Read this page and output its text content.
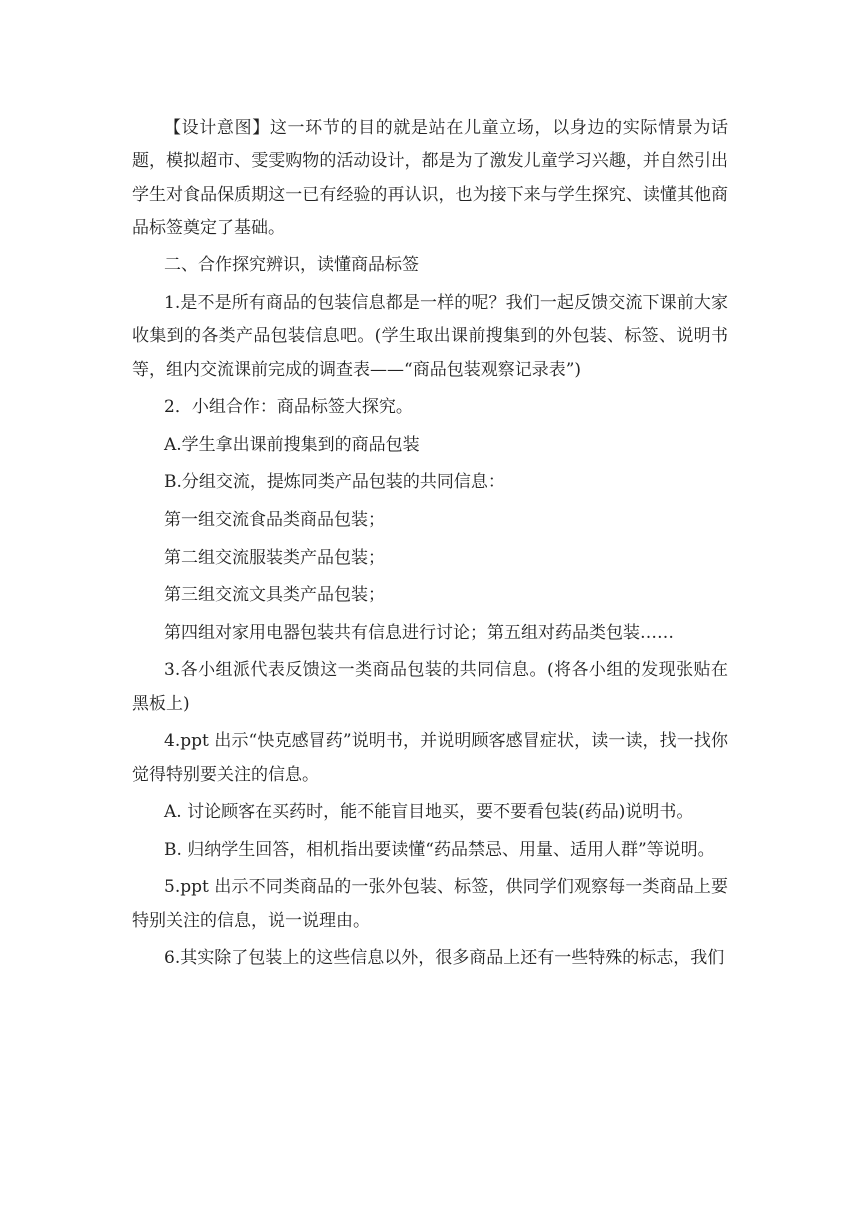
【设计意图】这一环节的目的就是站在儿童立场，以身边的实际情景为话题，模拟超市、雯雯购物的活动设计，都是为了激发儿童学习兴趣，并自然引出学生对食品保质期这一已有经验的再认识，也为接下来与学生探究、读懂其他商品标签奠定了基础。

二、合作探究辨识，读懂商品标签

1.是不是所有商品的包装信息都是一样的呢？我们一起反馈交流下课前大家收集到的各类产品包装信息吧。(学生取出课前搜集到的外包装、标签、说明书等，组内交流课前完成的调查表——“商品包装观察记录表”)

2．小组合作：商品标签大探究。

A.学生拿出课前搜集到的商品包装

B.分组交流，提炼同类产品包装的共同信息：

第一组交流食品类商品包装；

第二组交流服装类产品包装；

第三组交流文具类产品包装；

第四组对家用电器包装共有信息进行讨论；第五组对药品类包装……

3.各小组派代表反馈这一类商品包装的共同信息。(将各小组的发现张贴在黑板上)

4.ppt 出示“快克感冒药”说明书，并说明顾客感冒症状，读一读，找一找你觉得特别要关注的信息。

A. 讨论顾客在买药时，能不能盲目地买，要不要看包装(药品)说明书。

B. 归纳学生回答，相机指出要读懂“药品禁忌、用量、适用人群”等说明。

5.ppt 出示不同类商品的一张外包装、标签，供同学们观察每一类商品上要特别关注的信息，说一说理由。

6.其实除了包装上的这些信息以外，很多商品上还有一些特殊的标志，我们
